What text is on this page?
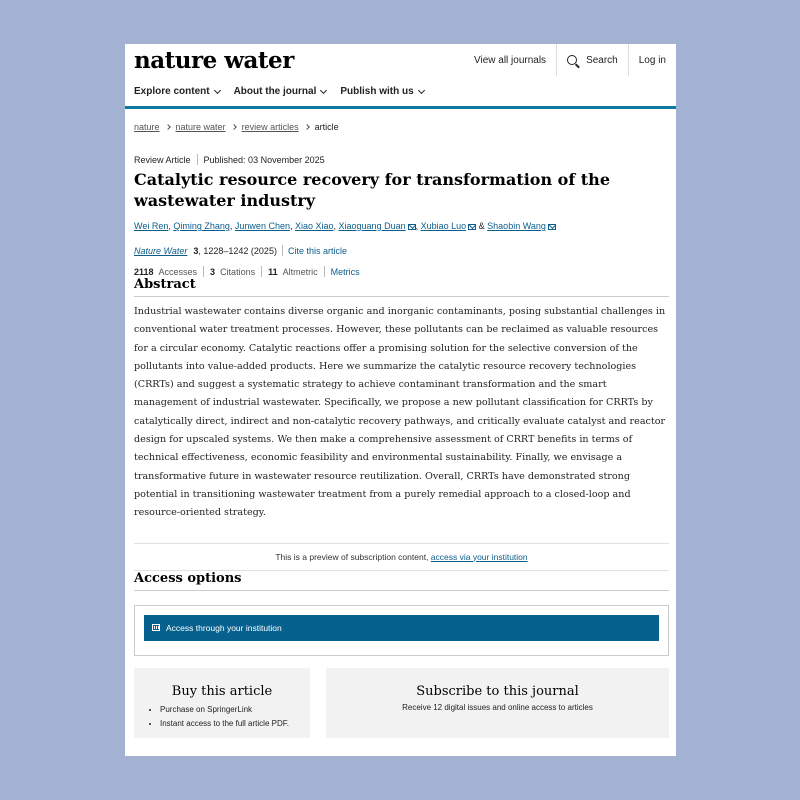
nature water	View all journals	Search	Log in
Explore content About the journal Publish with us
nature nature water review articles article
Review Article Published: 03 November 2025
Catalytic resource recovery for transformation of the wastewater industry
Wei Ren, Qiming Zhang, Junwen Chen, Xiao Xiao, Xiaoguang Duan , Xubiao Luo & Shaobin Wang
Nature Water 3 , 1228–1242 (2025) Cite this article
2118 Accesses 3 Citations 11 Altmetric Metrics
Abstract

Industrial wastewater contains diverse organic and inorganic contaminants, posing substantial challenges in conventional water treatment processes. However, these pollutants can be reclaimed as valuable resources for a circular economy. Catalytic reactions offer a promising solution for the selective conversion of the pollutants into value-added products. Here we summarize the catalytic resource recovery technologies (CRRTs) and suggest a systematic strategy to achieve contaminant transformation and the smart management of industrial wastewater. Specifically, we propose a new pollutant classification for CRRTs by catalytically direct, indirect and non-catalytic recovery pathways, and critically evaluate catalyst and reactor design for upscaled systems. We then make a comprehensive assessment of CRRT benefits in terms of technical effectiveness, economic feasibility and environmental sustainability. Finally, we envisage a transformative future in wastewater resource reutilization. Overall, CRRTs have demonstrated strong potential in transitioning wastewater treatment from a purely remedial approach to a closed-loop and resource-oriented strategy.

This is a preview of subscription content, access via your institution
Access options
Access through your institution
Buy this article
• Purchase on SpringerLink
• Instant access to the full article PDF.
Subscribe to this journal
Receive 12 digital issues and online access to articles
